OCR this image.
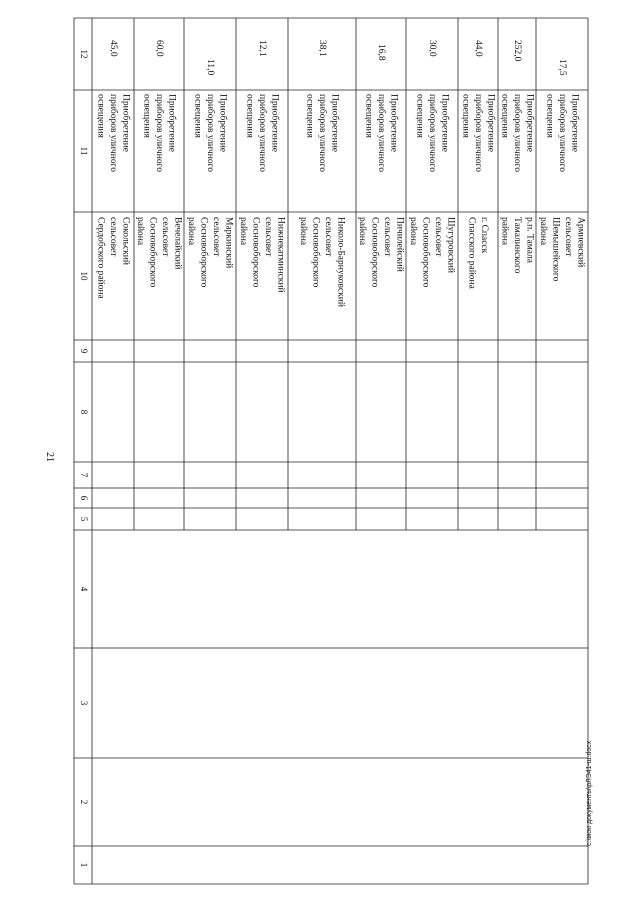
21
1
2
3
4
5
6
7
8
9
10
11
12
Сокольский
сельсовет
Сердобского района
Приобретение
приборов уличного
освещения
45,0
Вечелайский
сельсовет
Сосновоборского
района
Приобретение
приборов уличного
освещения
60,0
Маркинский
сельсовет
Сосновоборского
района
Приобретение
приборов уличного
освещения
11,0
Нижнекатминский
сельсовет
Сосновоборского
района
Приобретение
приборов уличного
освещения
12,1
Николо-Барнуковский
сельсовет
Сосновоборского
района
Приобретение
приборов уличного
освещения
38,1
Пичилейский
сельсовет
Сосновоборского
района
Приобретение
приборов уличного
освещения
16,8
Шугуровский
сельсовет
Сосновоборского
района
Приобретение
приборов уличного
освещения
30,0
г. Спасск
Спасского района
Приобретение
приборов уличного
освещения
44,0
р.п. Тамала
Тамалинского
района
Приобретение
приборов уличного
освещения
252,0
Армиевский
сельсовет
Шемышейского
района
Приобретение
приборов уличного
освещения
17,5
c:\мои документы\рЛЭ41-ш.docx
